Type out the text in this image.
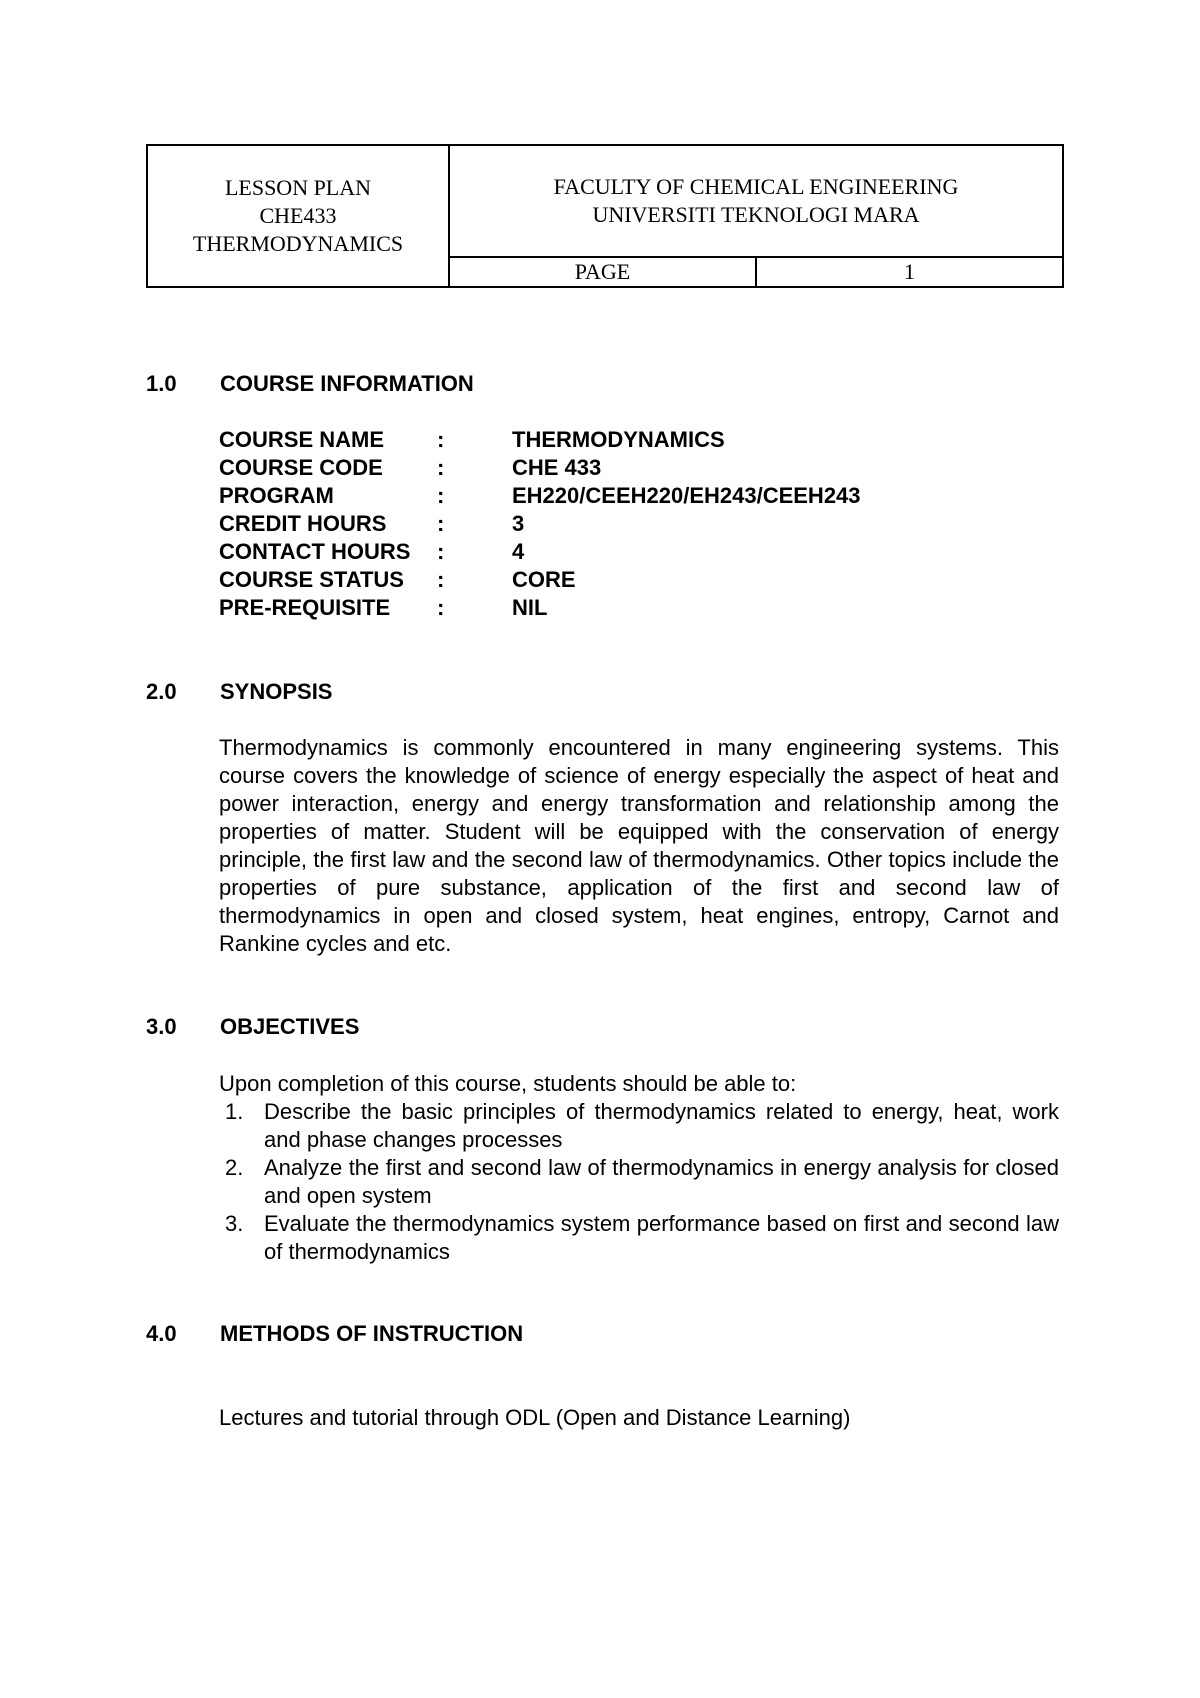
LESSON PLAN
CHE433
THERMODYNAMICS	FACULTY OF CHEMICAL ENGINEERING
UNIVERSITI TEKNOLOGI MARA	

	PAGE	1
1.0 COURSE INFORMATION
COURSE NAME :	THERMODYNAMICS
COURSE CODE :	CHE 433
PROGRAM	:	EH220/CEEH220/EH243/CEEH243
CREDIT HOURS :	3
CONTACT HOURS :	4
COURSE STATUS :	CORE
PRE-REQUISITE :	NIL
2.0 SYNOPSIS

Thermodynamics is commonly encountered in many engineering systems. This course covers the knowledge of science of energy especially the aspect of heat and power interaction, energy and energy transformation and relationship among the properties of matter. Student will be equipped with the conservation of energy principle, the first law and the second law of thermodynamics. Other topics include the properties of pure substance, application of the first and second law of thermodynamics in open and closed system, heat engines, entropy, Carnot and Rankine cycles and etc.

3.0 OBJECTIVES
Upon completion of this course, students should be able to:
1. Describe the basic principles of thermodynamics related to energy, heat, work and phase changes processes
2. Analyze the first and second law of thermodynamics in energy analysis for closed and open system
3. Evaluate the thermodynamics system performance based on first and second law of thermodynamics
4.0 METHODS OF INSTRUCTION
Lectures and tutorial through ODL (Open and Distance Learning)
